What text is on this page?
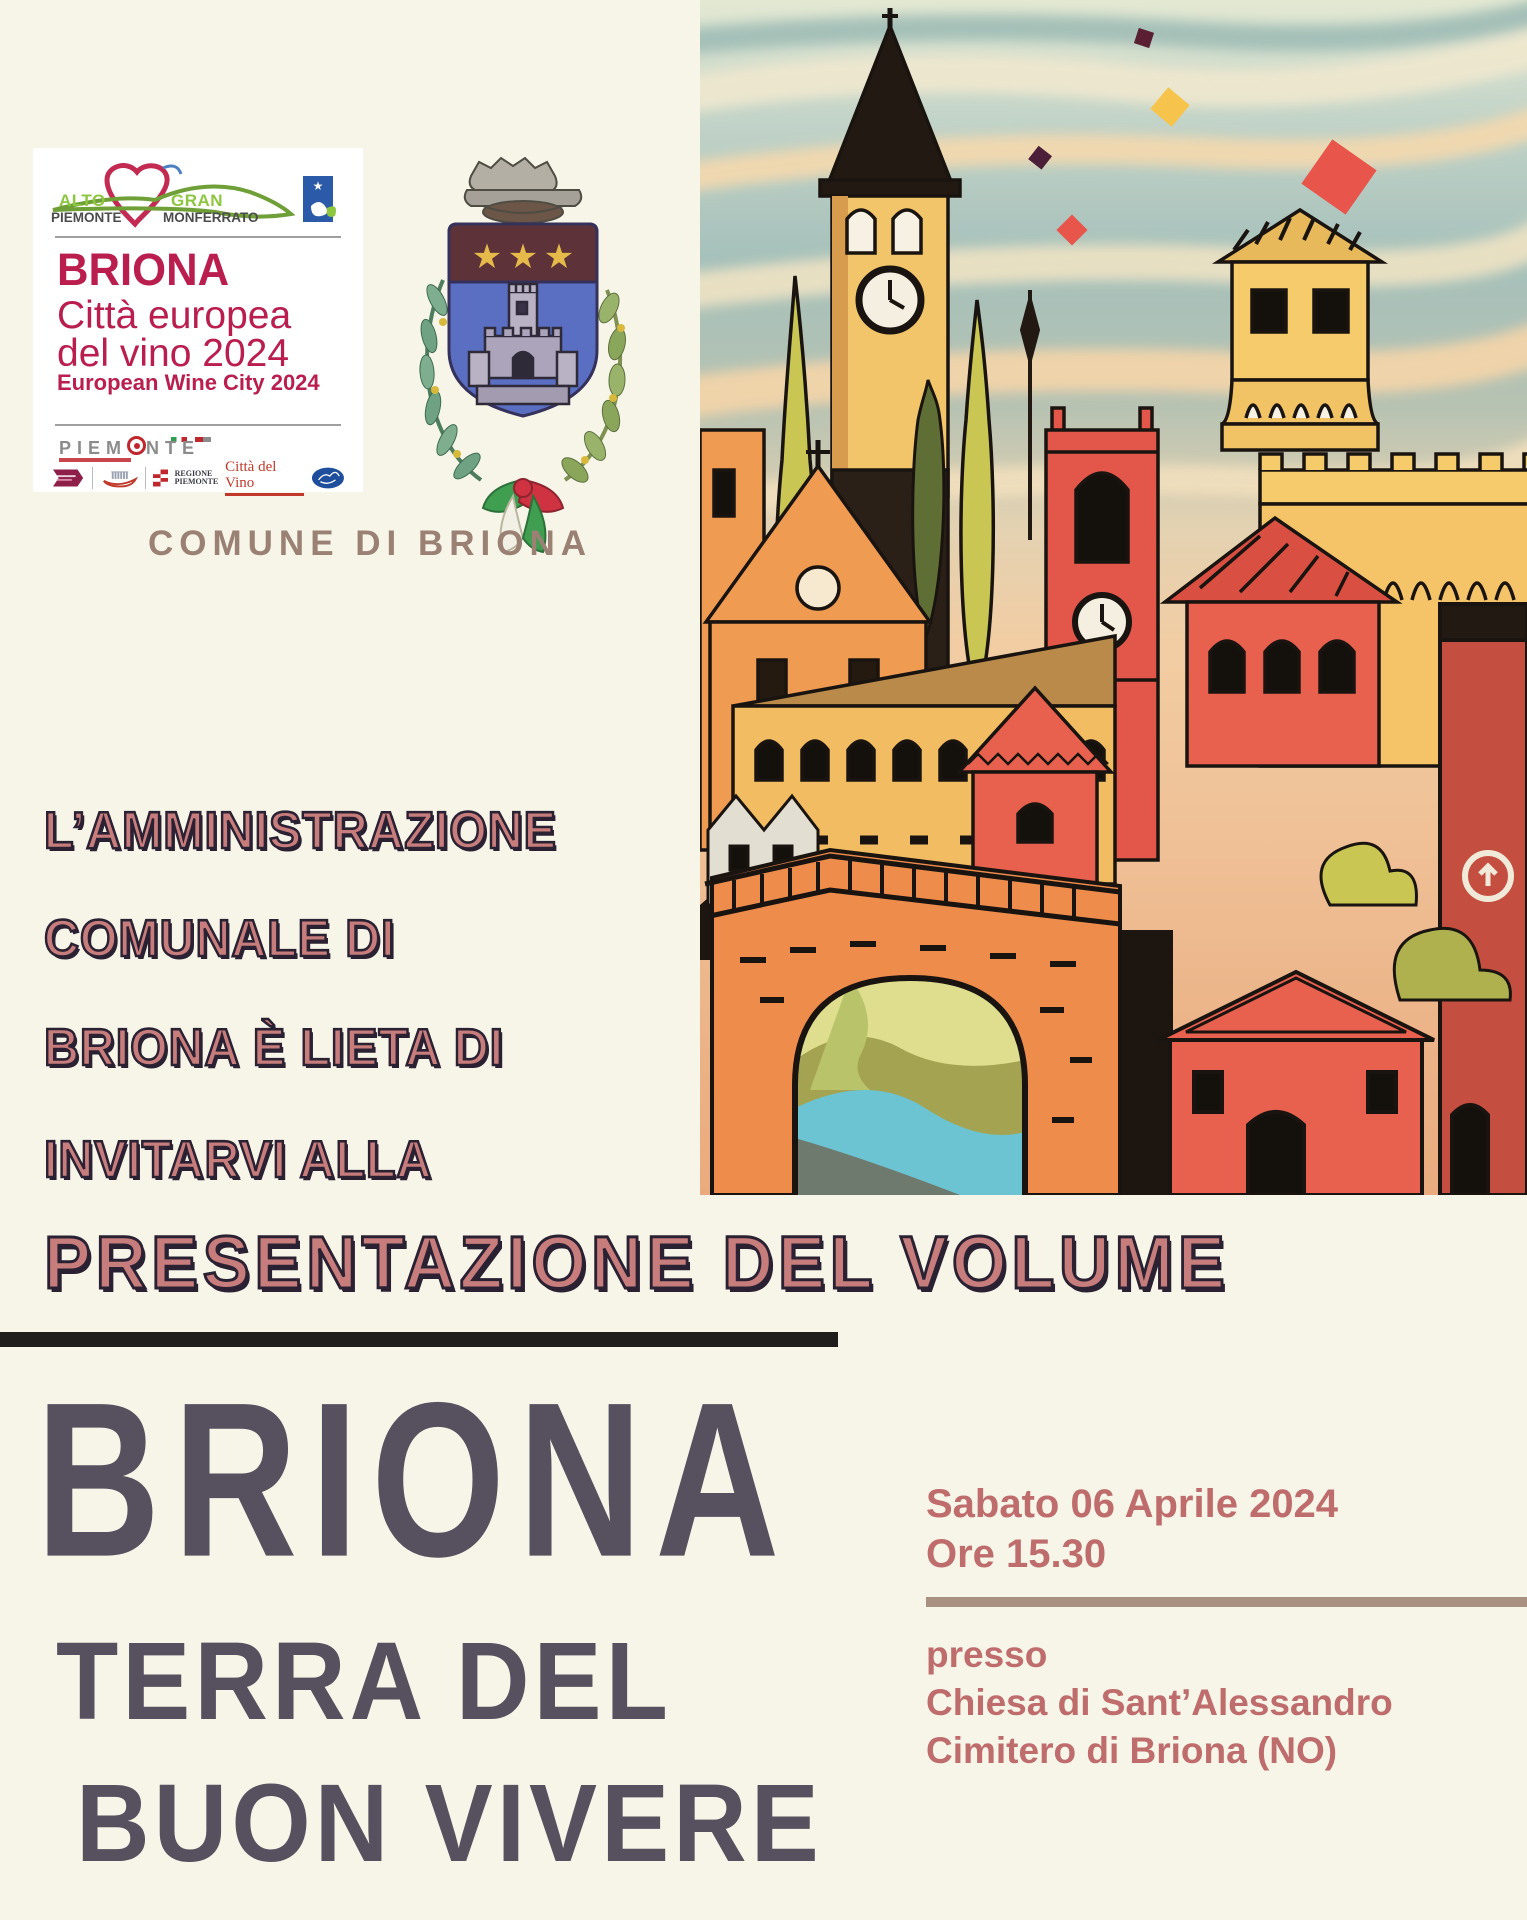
ALTO
PIEMONTE
GRAN
MONFERRATO
★
BRIONA
Città europea
del vino 2024
European Wine City 2024

PIEM NTE
REGIONE
PIEMONTE
Città del Vino
★ ★ ★
COMUNE DI BRIONA
L’AMMINISTRAZIONE
COMUNALE DI
BRIONA È LIETA DI
INVITARVI ALLA
PRESENTAZIONE DEL VOLUME
BRIONA
TERRA DEL
BUON VIVERE
Sabato 06 Aprile 2024
Ore 15.30
presso
Chiesa di Sant’Alessandro
Cimitero di Briona (NO)
